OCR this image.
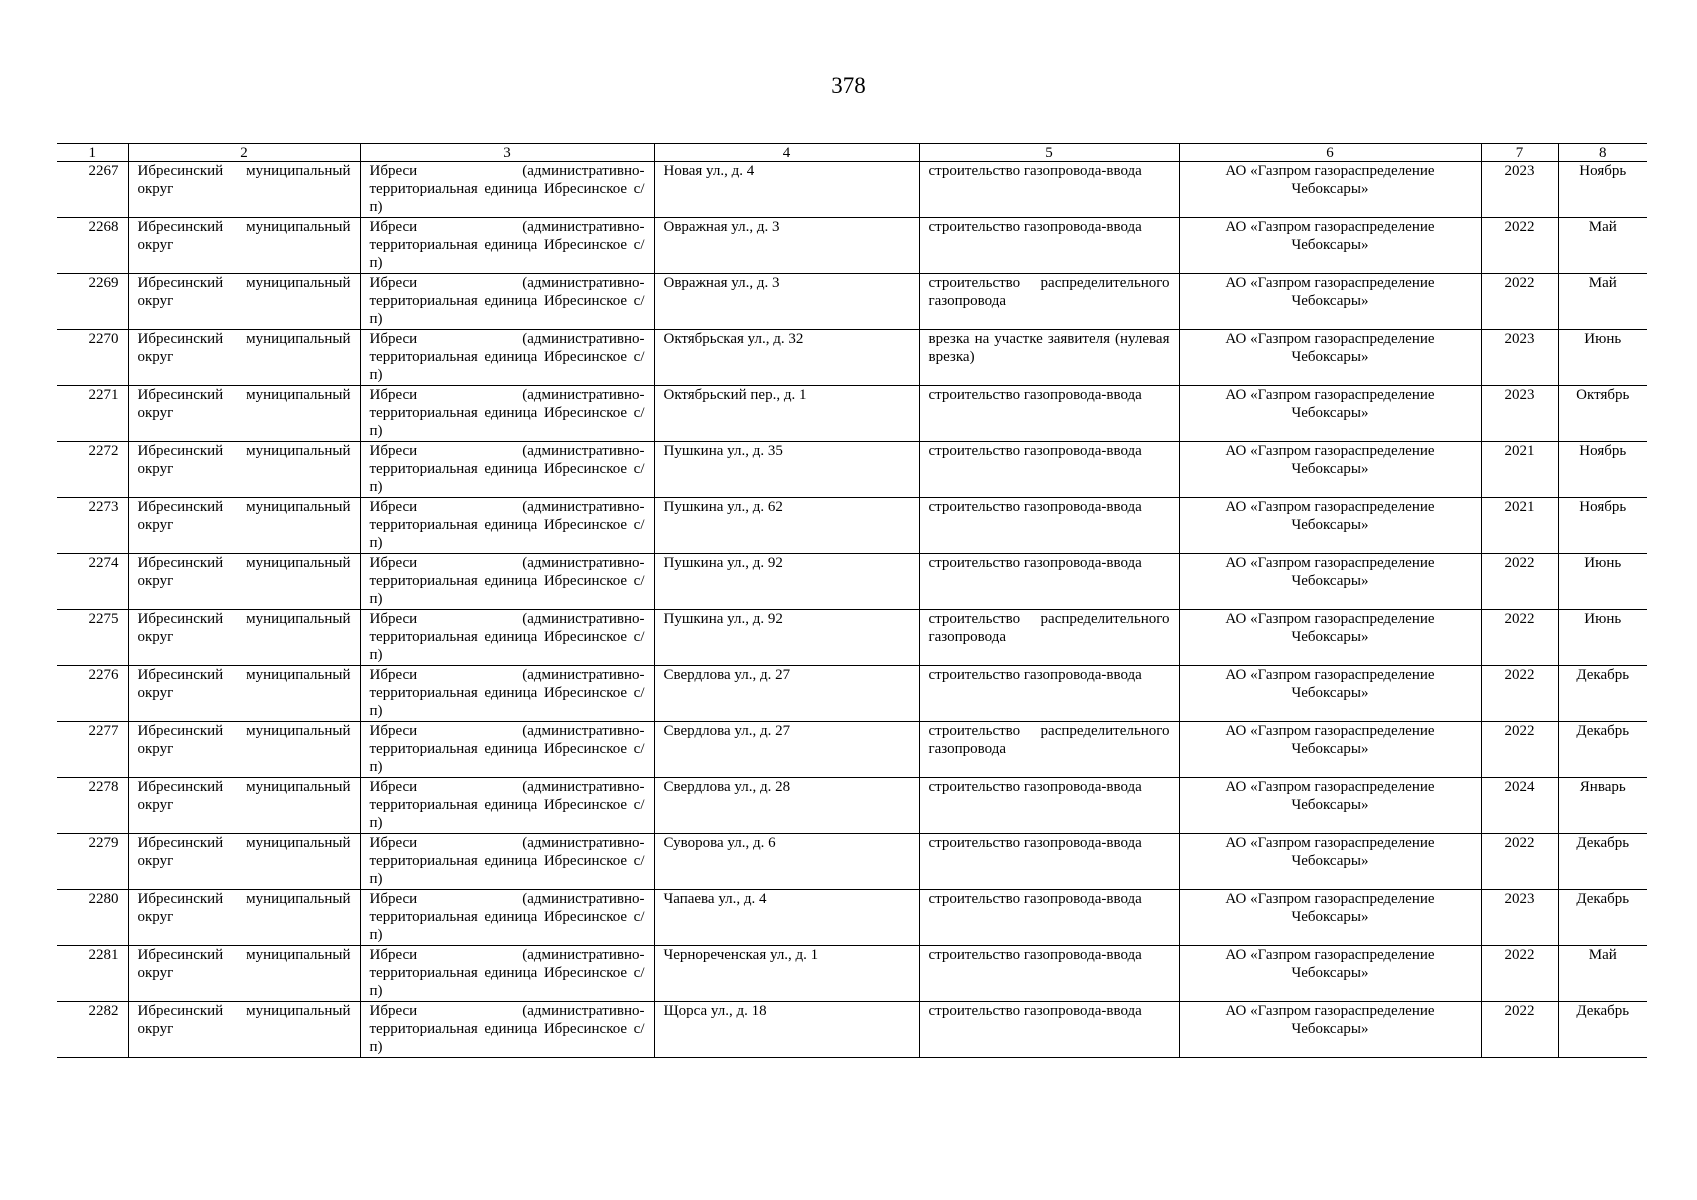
378
1	2	3	4	5	6	7	8
2267	Ибресинский муниципальный округ	Ибреси (административно-территориальная единица Ибресинское с/п)	Новая ул., д. 4	строительство газопровода-ввода	АО «Газпром газораспределение Чебоксары»	2023	Ноябрь
2268	Ибресинский муниципальный округ	Ибреси (административно-территориальная единица Ибресинское с/п)	Овражная ул., д. 3	строительство газопровода-ввода	АО «Газпром газораспределение Чебоксары»	2022	Май
2269	Ибресинский муниципальный округ	Ибреси (административно-территориальная единица Ибресинское с/п)	Овражная ул., д. 3	строительство распределительного газопровода	АО «Газпром газораспределение Чебоксары»	2022	Май
2270	Ибресинский муниципальный округ	Ибреси (административно-территориальная единица Ибресинское с/п)	Октябрьская ул., д. 32	врезка на участке заявителя (нулевая врезка)	АО «Газпром газораспределение Чебоксары»	2023	Июнь
2271	Ибресинский муниципальный округ	Ибреси (административно-территориальная единица Ибресинское с/п)	Октябрьский пер., д. 1	строительство газопровода-ввода	АО «Газпром газораспределение Чебоксары»	2023	Октябрь
2272	Ибресинский муниципальный округ	Ибреси (административно-территориальная единица Ибресинское с/п)	Пушкина ул., д. 35	строительство газопровода-ввода	АО «Газпром газораспределение Чебоксары»	2021	Ноябрь
2273	Ибресинский муниципальный округ	Ибреси (административно-территориальная единица Ибресинское с/п)	Пушкина ул., д. 62	строительство газопровода-ввода	АО «Газпром газораспределение Чебоксары»	2021	Ноябрь
2274	Ибресинский муниципальный округ	Ибреси (административно-территориальная единица Ибресинское с/п)	Пушкина ул., д. 92	строительство газопровода-ввода	АО «Газпром газораспределение Чебоксары»	2022	Июнь
2275	Ибресинский муниципальный округ	Ибреси (административно-территориальная единица Ибресинское с/п)	Пушкина ул., д. 92	строительство распределительного газопровода	АО «Газпром газораспределение Чебоксары»	2022	Июнь
2276	Ибресинский муниципальный округ	Ибреси (административно-территориальная единица Ибресинское с/п)	Свердлова ул., д. 27	строительство газопровода-ввода	АО «Газпром газораспределение Чебоксары»	2022	Декабрь
2277	Ибресинский муниципальный округ	Ибреси (административно-территориальная единица Ибресинское с/п)	Свердлова ул., д. 27	строительство распределительного газопровода	АО «Газпром газораспределение Чебоксары»	2022	Декабрь
2278	Ибресинский муниципальный округ	Ибреси (административно-территориальная единица Ибресинское с/п)	Свердлова ул., д. 28	строительство газопровода-ввода	АО «Газпром газораспределение Чебоксары»	2024	Январь
2279	Ибресинский муниципальный округ	Ибреси (административно-территориальная единица Ибресинское с/п)	Суворова ул., д. 6	строительство газопровода-ввода	АО «Газпром газораспределение Чебоксары»	2022	Декабрь
2280	Ибресинский муниципальный округ	Ибреси (административно-территориальная единица Ибресинское с/п)	Чапаева ул., д. 4	строительство газопровода-ввода	АО «Газпром газораспределение Чебоксары»	2023	Декабрь
2281	Ибресинский муниципальный округ	Ибреси (административно-территориальная единица Ибресинское с/п)	Чернореченская ул., д. 1	строительство газопровода-ввода	АО «Газпром газораспределение Чебоксары»	2022	Май
2282	Ибресинский муниципальный округ	Ибреси (административно-территориальная единица Ибресинское с/п)	Щорса ул., д. 18	строительство газопровода-ввода	АО «Газпром газораспределение Чебоксары»	2022	Декабрь
